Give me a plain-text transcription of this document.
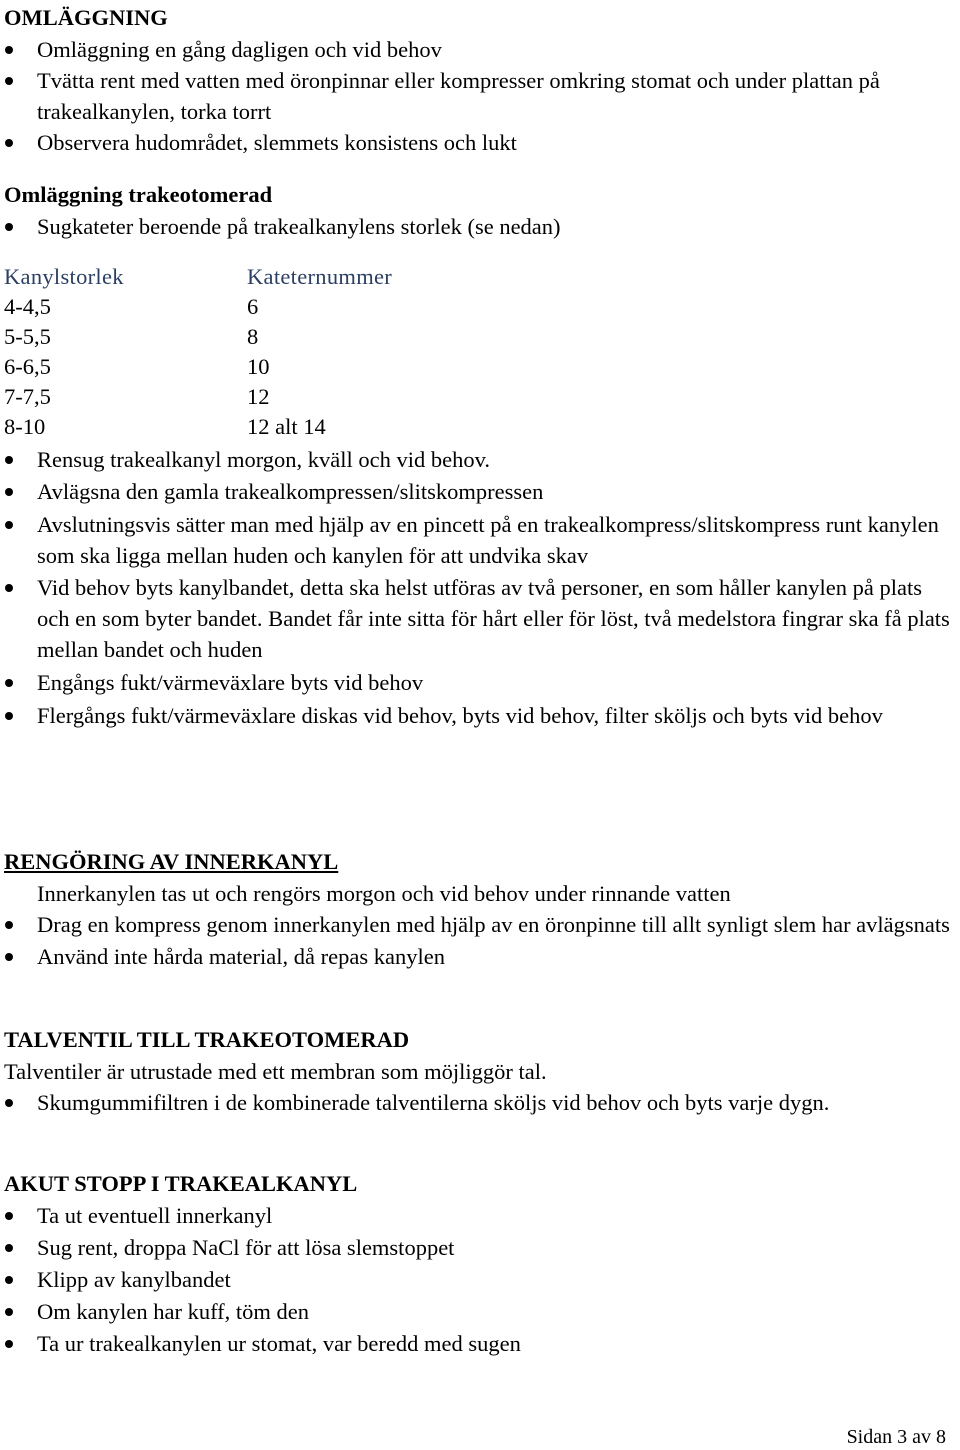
OMLÄGGNING
Omläggning en gång dagligen och vid behov
Tvätta rent med vatten med öronpinnar eller kompresser omkring stomat och under plattan på trakealkanylen, torka torrt
Observera hudområdet, slemmets konsistens och lukt
Omläggning trakeotomerad
Sugkateter beroende på trakealkanylens storlek (se nedan)
Kanylstorlek	Kateternummer
4-4,5	6
5-5,5	8
6-6,5	10
7-7,5	12
8-10	12 alt 14
Rensug trakealkanyl morgon, kväll och vid behov.
Avlägsna den gamla trakealkompressen/slitskompressen
Avslutningsvis sätter man med hjälp av en pincett på en trakealkompress/slitskompress runt kanylen som ska ligga mellan huden och kanylen för att undvika skav
Vid behov byts kanylbandet, detta ska helst utföras av två personer, en som håller kanylen på plats och en som byter bandet. Bandet får inte sitta för hårt eller för löst, två medelstora fingrar ska få plats mellan bandet och huden
Engångs fukt/värmeväxlare byts vid behov
Flergångs fukt/värmeväxlare diskas vid behov, byts vid behov, filter sköljs och byts vid behov
RENGÖRING AV INNERKANYL
Innerkanylen tas ut och rengörs morgon och vid behov under rinnande vatten
Drag en kompress genom innerkanylen med hjälp av en öronpinne till allt synligt slem har avlägsnats
Använd inte hårda material, då repas kanylen
TALVENTIL TILL TRAKEOTOMERAD
Talventiler är utrustade med ett membran som möjliggör tal.
Skumgummifiltren i de kombinerade talventilerna sköljs vid behov och byts varje dygn.
AKUT STOPP I TRAKEALKANYL
Ta ut eventuell innerkanyl
Sug rent, droppa NaCl för att lösa slemstoppet
Klipp av kanylbandet
Om kanylen har kuff, töm den
Ta ur trakealkanylen ur stomat, var beredd med sugen
Sidan 3 av 8
